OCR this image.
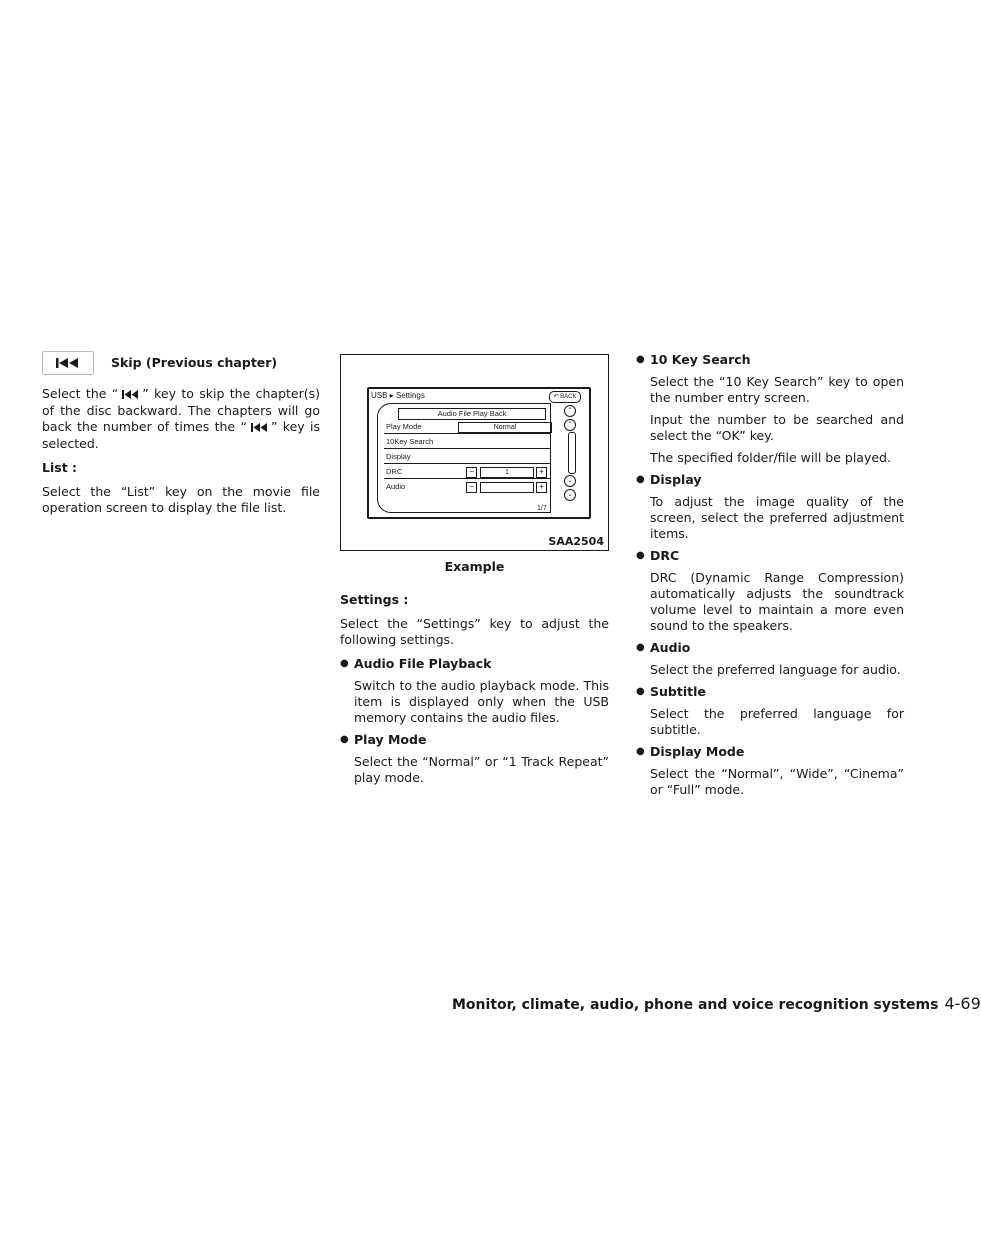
Skip (Previous chapter)

Select the “ ” key to skip the chapter(s) of the disc backward. The chapters will go back the number of times the “ ” key is selected.

List :

Select the “List” key on the movie file operation screen to display the file list.

USB ▸ Settings	↶ BACK
Audio File Play Back
Play Mode	Normal
10Key Search
Display
DRC	−	1	+
Audio	−	+
⌃
⌃
⌄
⌄
1/7
SAA2504
Example

Settings :

Select the “Settings” key to adjust the following settings.

● Audio File Playback

Switch to the audio playback mode. This item is displayed only when the USB memory contains the audio files.

● Play Mode

Select the “Normal” or “1 Track Repeat” play mode.

● 10 Key Search

Select the “10 Key Search” key to open the number entry screen.

Input the number to be searched and select the “OK” key.

The specified folder/file will be played.

● Display

To adjust the image quality of the screen, select the preferred adjustment items.

● DRC

DRC (Dynamic Range Compression) automatically adjusts the soundtrack volume level to maintain a more even sound to the speakers.

● Audio

Select the preferred language for audio.

● Subtitle

Select the preferred language for subtitle.

● Display Mode

Select the “Normal”, “Wide”, “Cinema” or “Full” mode.

Monitor, climate, audio, phone and voice recognition systems 4-69
